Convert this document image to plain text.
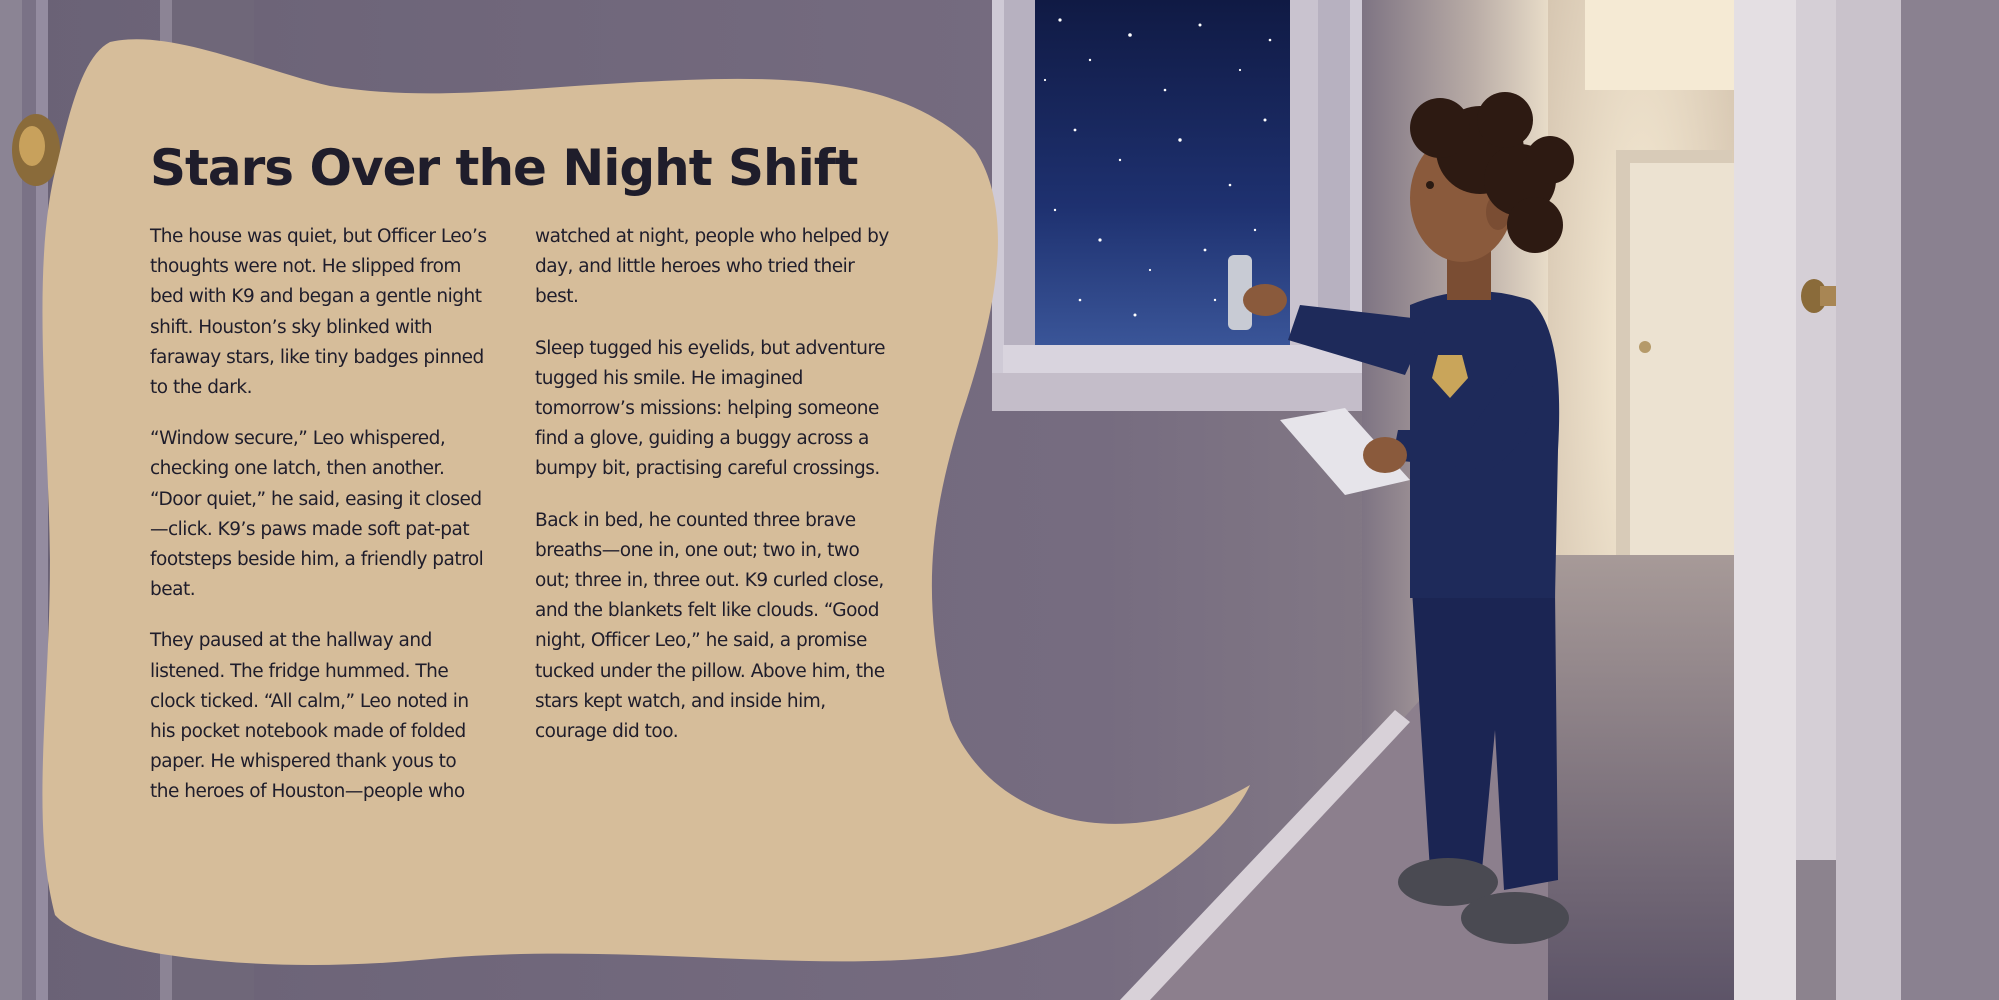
Stars Over the Night Shift

The house was quiet, but Officer Leo’s thoughts were not. He slipped from bed with K9 and began a gentle night shift. Houston’s sky blinked with faraway stars, like tiny badges pinned to the dark.

“Window secure,” Leo whispered, checking one latch, then another. “Door quiet,” he said, easing it closed —click. K9’s paws made soft pat-pat footsteps beside him, a friendly patrol beat.

They paused at the hallway and listened. The fridge hummed. The clock ticked. “All calm,” Leo noted in his pocket notebook made of folded paper. He whispered thank yous to the heroes of Houston—people who

watched at night, people who helped by day, and little heroes who tried their best.

Sleep tugged his eyelids, but adventure tugged his smile. He imagined tomorrow’s missions: helping someone find a glove, guiding a buggy across a bumpy bit, practising careful crossings.

Back in bed, he counted three brave breaths—one in, one out; two in, two out; three in, three out. K9 curled close, and the blankets felt like clouds. “Good night, Officer Leo,” he said, a promise tucked under the pillow. Above him, the stars kept watch, and inside him, courage did too.
